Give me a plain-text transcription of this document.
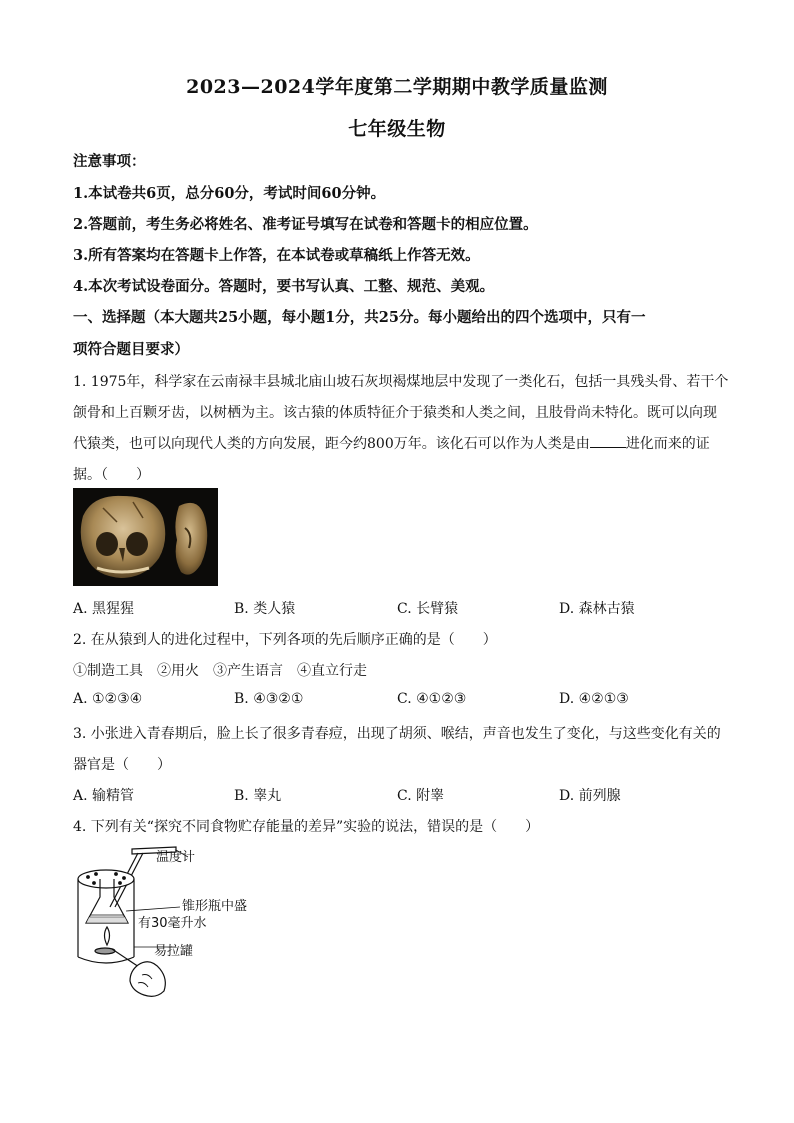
2023—2024学年度第二学期期中教学质量监测
七年级生物
注意事项：
1.本试卷共6页，总分60分，考试时间60分钟。
2.答题前，考生务必将姓名、准考证号填写在试卷和答题卡的相应位置。
3.所有答案均在答题卡上作答，在本试卷或草稿纸上作答无效。
4.本次考试设卷面分。答题时，要书写认真、工整、规范、美观。
一、选择题（本大题共25小题，每小题1分，共25分。每小题给出的四个选项中，只有一
项符合题目要求）
1. 1975年，科学家在云南禄丰县城北庙山坡石灰坝褐煤地层中发现了一类化石，包括一具残头骨、若干个
颌骨和上百颗牙齿，以树栖为主。该古猿的体质特征介于猿类和人类之间，且肢骨尚未特化。既可以向现
代猿类，也可以向现代人类的方向发展，距今约800万年。该化石可以作为人类是由	进化而来的证
据。（　　）
A. 黑猩猩	B. 类人猿	C. 长臂猿	D. 森林古猿
2. 在从猿到人的进化过程中，下列各项的先后顺序正确的是（　　）
①制造工具　②用火　③产生语言　④直立行走
A. ①②③④	B. ④③②①	C. ④①②③	D. ④②①③
3. 小张进入青春期后，脸上长了很多青春痘，出现了胡须、喉结，声音也发生了变化，与这些变化有关的
器官是（　　）
A. 输精管	B. 睾丸	C. 附睾	D. 前列腺
4. 下列有关“探究不同食物贮存能量的差异”实验的说法，错误的是（　　）
温度计
锥形瓶中盛
有30毫升水
易拉罐
